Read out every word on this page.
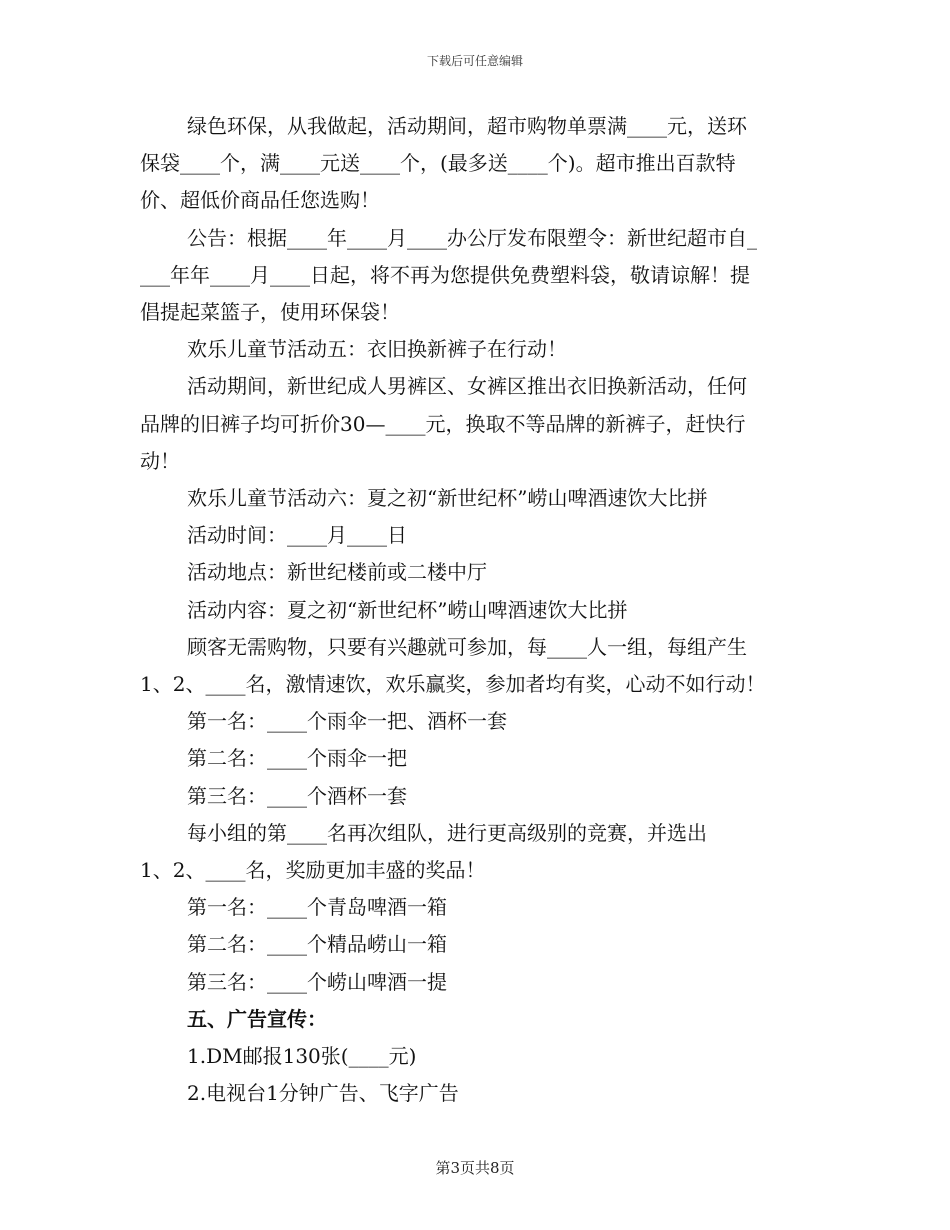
下载后可任意编辑
绿色环保，从我做起，活动期间，超市购物单票满____元，送环
保袋____个，满____元送____个，(最多送____个)。超市推出百款特
价、超低价商品任您选购！
公告：根据____年____月____办公厅发布限塑令：新世纪超市自_
___年年____月____日起，将不再为您提供免费塑料袋，敬请谅解！提
倡提起菜篮子，使用环保袋！
欢乐儿童节活动五：衣旧换新裤子在行动！
活动期间，新世纪成人男裤区、女裤区推出衣旧换新活动，任何
品牌的旧裤子均可折价30—____元，换取不等品牌的新裤子，赶快行
动！
欢乐儿童节活动六：夏之初“新世纪杯”崂山啤酒速饮大比拼
活动时间：____月____日
活动地点：新世纪楼前或二楼中厅
活动内容：夏之初“新世纪杯”崂山啤酒速饮大比拼
顾客无需购物，只要有兴趣就可参加，每____人一组，每组产生
1、2、____名，激情速饮，欢乐赢奖，参加者均有奖，心动不如行动！
第一名：____个雨伞一把、酒杯一套
第二名：____个雨伞一把
第三名：____个酒杯一套
每小组的第____名再次组队，进行更高级别的竞赛，并选出
1、2、____名，奖励更加丰盛的奖品！
第一名：____个青岛啤酒一箱
第二名：____个精品崂山一箱
第三名：____个崂山啤酒一提
五、广告宣传：
1.DM邮报130张(____元)
2.电视台1分钟广告、飞字广告
第3页共8页
